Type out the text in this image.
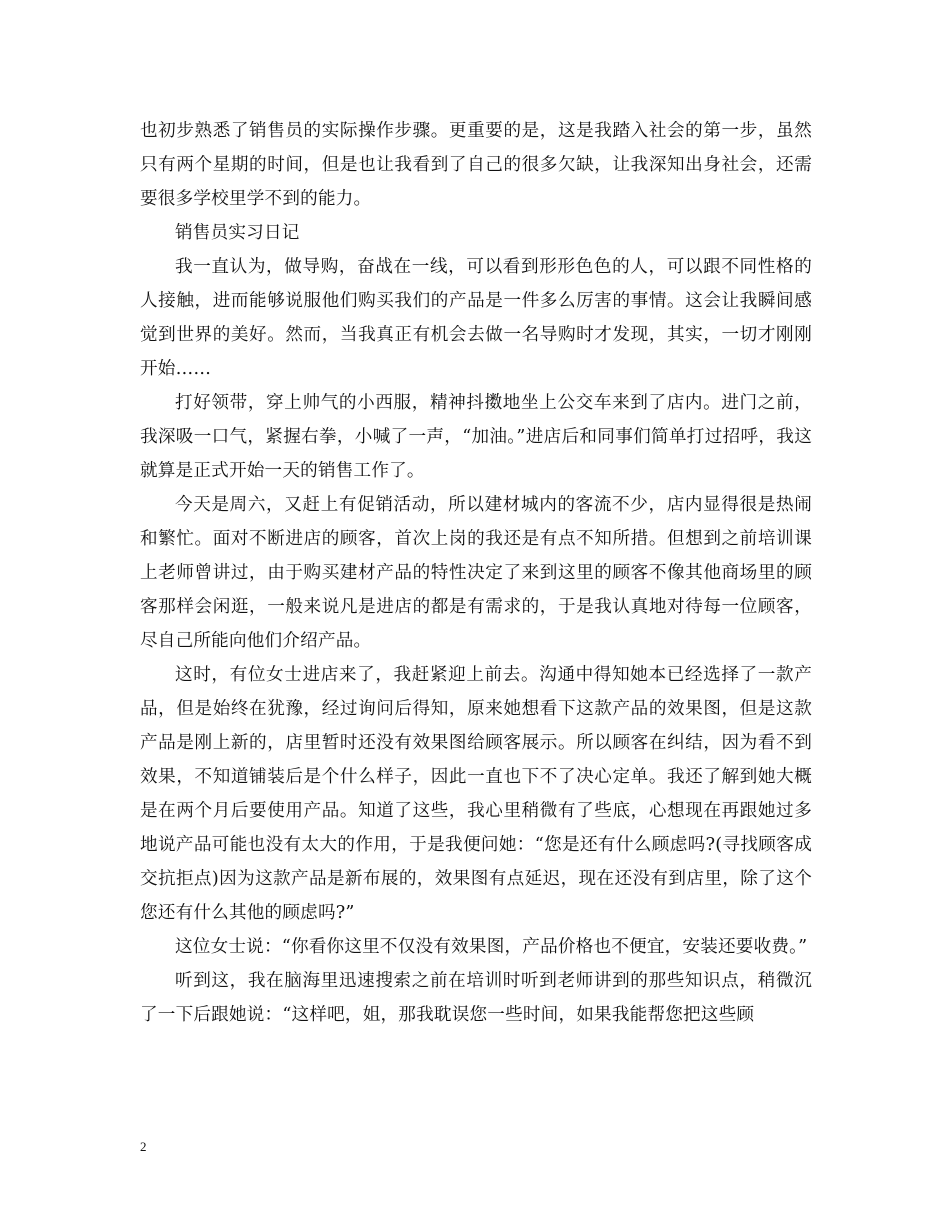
也初步熟悉了销售员的实际操作步骤。更重要的是，这是我踏入社会的第一步，虽然只有两个星期的时间，但是也让我看到了自己的很多欠缺，让我深知出身社会，还需要很多学校里学不到的能力。

销售员实习日记

我一直认为，做导购，奋战在一线，可以看到形形色色的人，可以跟不同性格的人接触，进而能够说服他们购买我们的产品是一件多么厉害的事情。这会让我瞬间感觉到世界的美好。然而，当我真正有机会去做一名导购时才发现，其实，一切才刚刚开始……

打好领带，穿上帅气的小西服，精神抖擞地坐上公交车来到了店内。进门之前，我深吸一口气，紧握右拳，小喊了一声，“加油。”进店后和同事们简单打过招呼，我这就算是正式开始一天的销售工作了。

今天是周六，又赶上有促销活动，所以建材城内的客流不少，店内显得很是热闹和繁忙。面对不断进店的顾客，首次上岗的我还是有点不知所措。但想到之前培训课上老师曾讲过，由于购买建材产品的特性决定了来到这里的顾客不像其他商场里的顾客那样会闲逛，一般来说凡是进店的都是有需求的，于是我认真地对待每一位顾客，尽自己所能向他们介绍产品。

这时，有位女士进店来了，我赶紧迎上前去。沟通中得知她本已经选择了一款产品，但是始终在犹豫，经过询问后得知，原来她想看下这款产品的效果图，但是这款产品是刚上新的，店里暂时还没有效果图给顾客展示。所以顾客在纠结，因为看不到效果，不知道铺装后是个什么样子，因此一直也下不了决心定单。我还了解到她大概是在两个月后要使用产品。知道了这些，我心里稍微有了些底，心想现在再跟她过多地说产品可能也没有太大的作用，于是我便问她：“您是还有什么顾虑吗?(寻找顾客成交抗拒点)因为这款产品是新布展的，效果图有点延迟，现在还没有到店里，除了这个您还有什么其他的顾虑吗?”

这位女士说：“你看你这里不仅没有效果图，产品价格也不便宜，安装还要收费。”

听到这，我在脑海里迅速搜索之前在培训时听到老师讲到的那些知识点，稍微沉了一下后跟她说：“这样吧，姐，那我耽误您一些时间，如果我能帮您把这些顾

2
